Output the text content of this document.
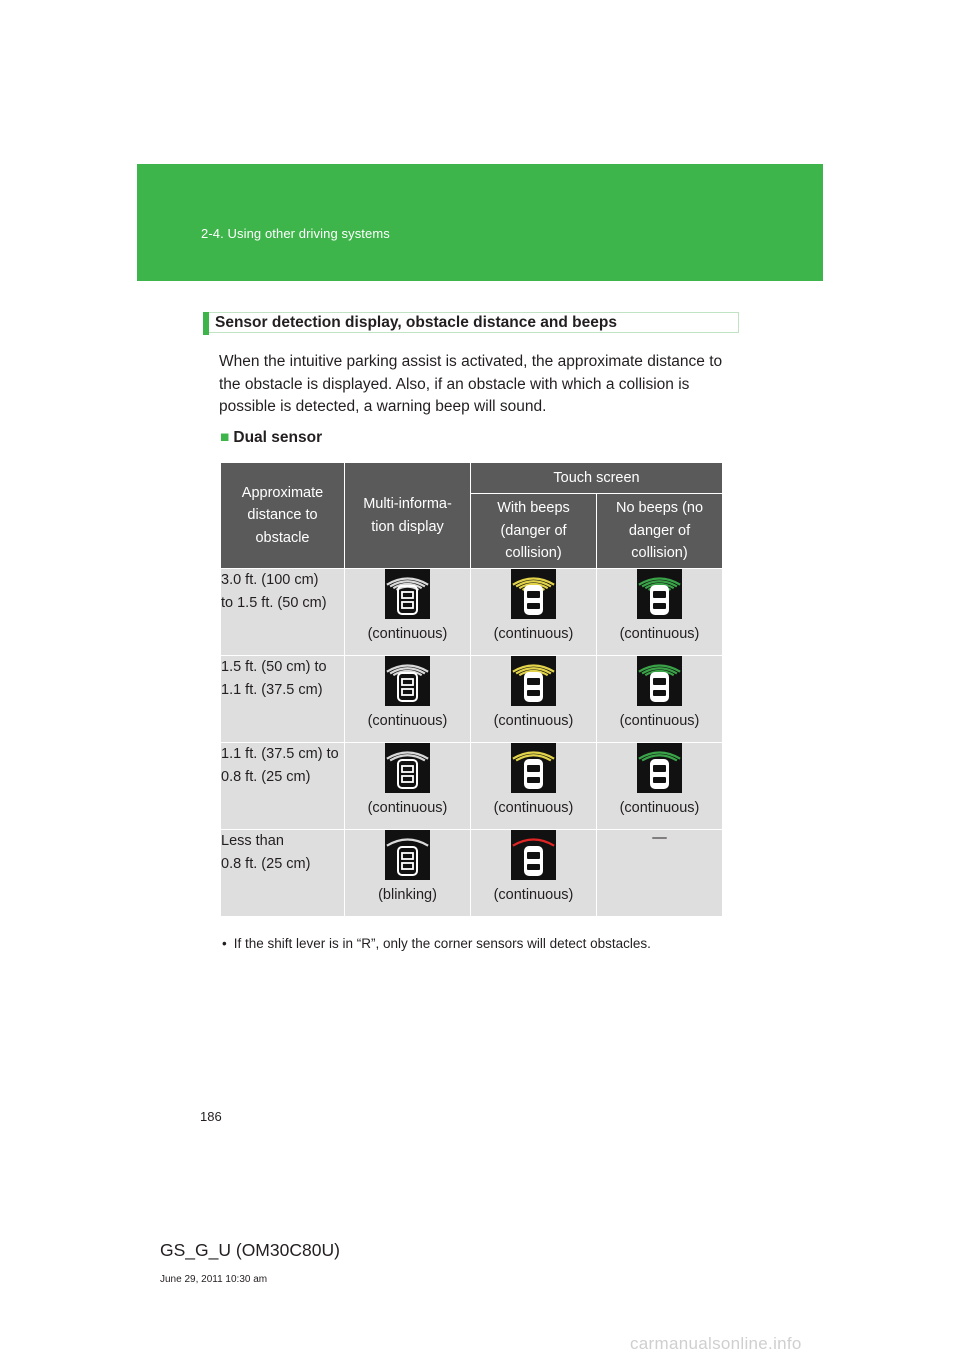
2-4. Using other driving systems
Sensor detection display, obstacle distance and beeps

When the intuitive parking assist is activated, the approximate distance to the obstacle is displayed. Also, if an obstacle with which a collision is possible is detected, a warning beep will sound.

■ Dual sensor
Approximate distance to obstacle	Multi-informa-tion display	Touch screen	

		With beeps (danger of collision)	No beeps (no danger of collision)

3.0 ft. (100 cm)
to 1.5 ft. (50 cm)	(continuous)	(continuous)	(continuous)

1.5 ft. (50 cm) to
1.1 ft. (37.5 cm)	(continuous)	(continuous)	(continuous)

1.1 ft. (37.5 cm) to
0.8 ft. (25 cm)	(continuous)	(continuous)	(continuous)

Less than
0.8 ft. (25 cm)	(blinking)	(continuous)	—
• If the shift lever is in “R”, only the corner sensors will detect obstacles.
186
GS_G_U (OM30C80U)
June 29, 2011 10:30 am
carmanualsonline.info
